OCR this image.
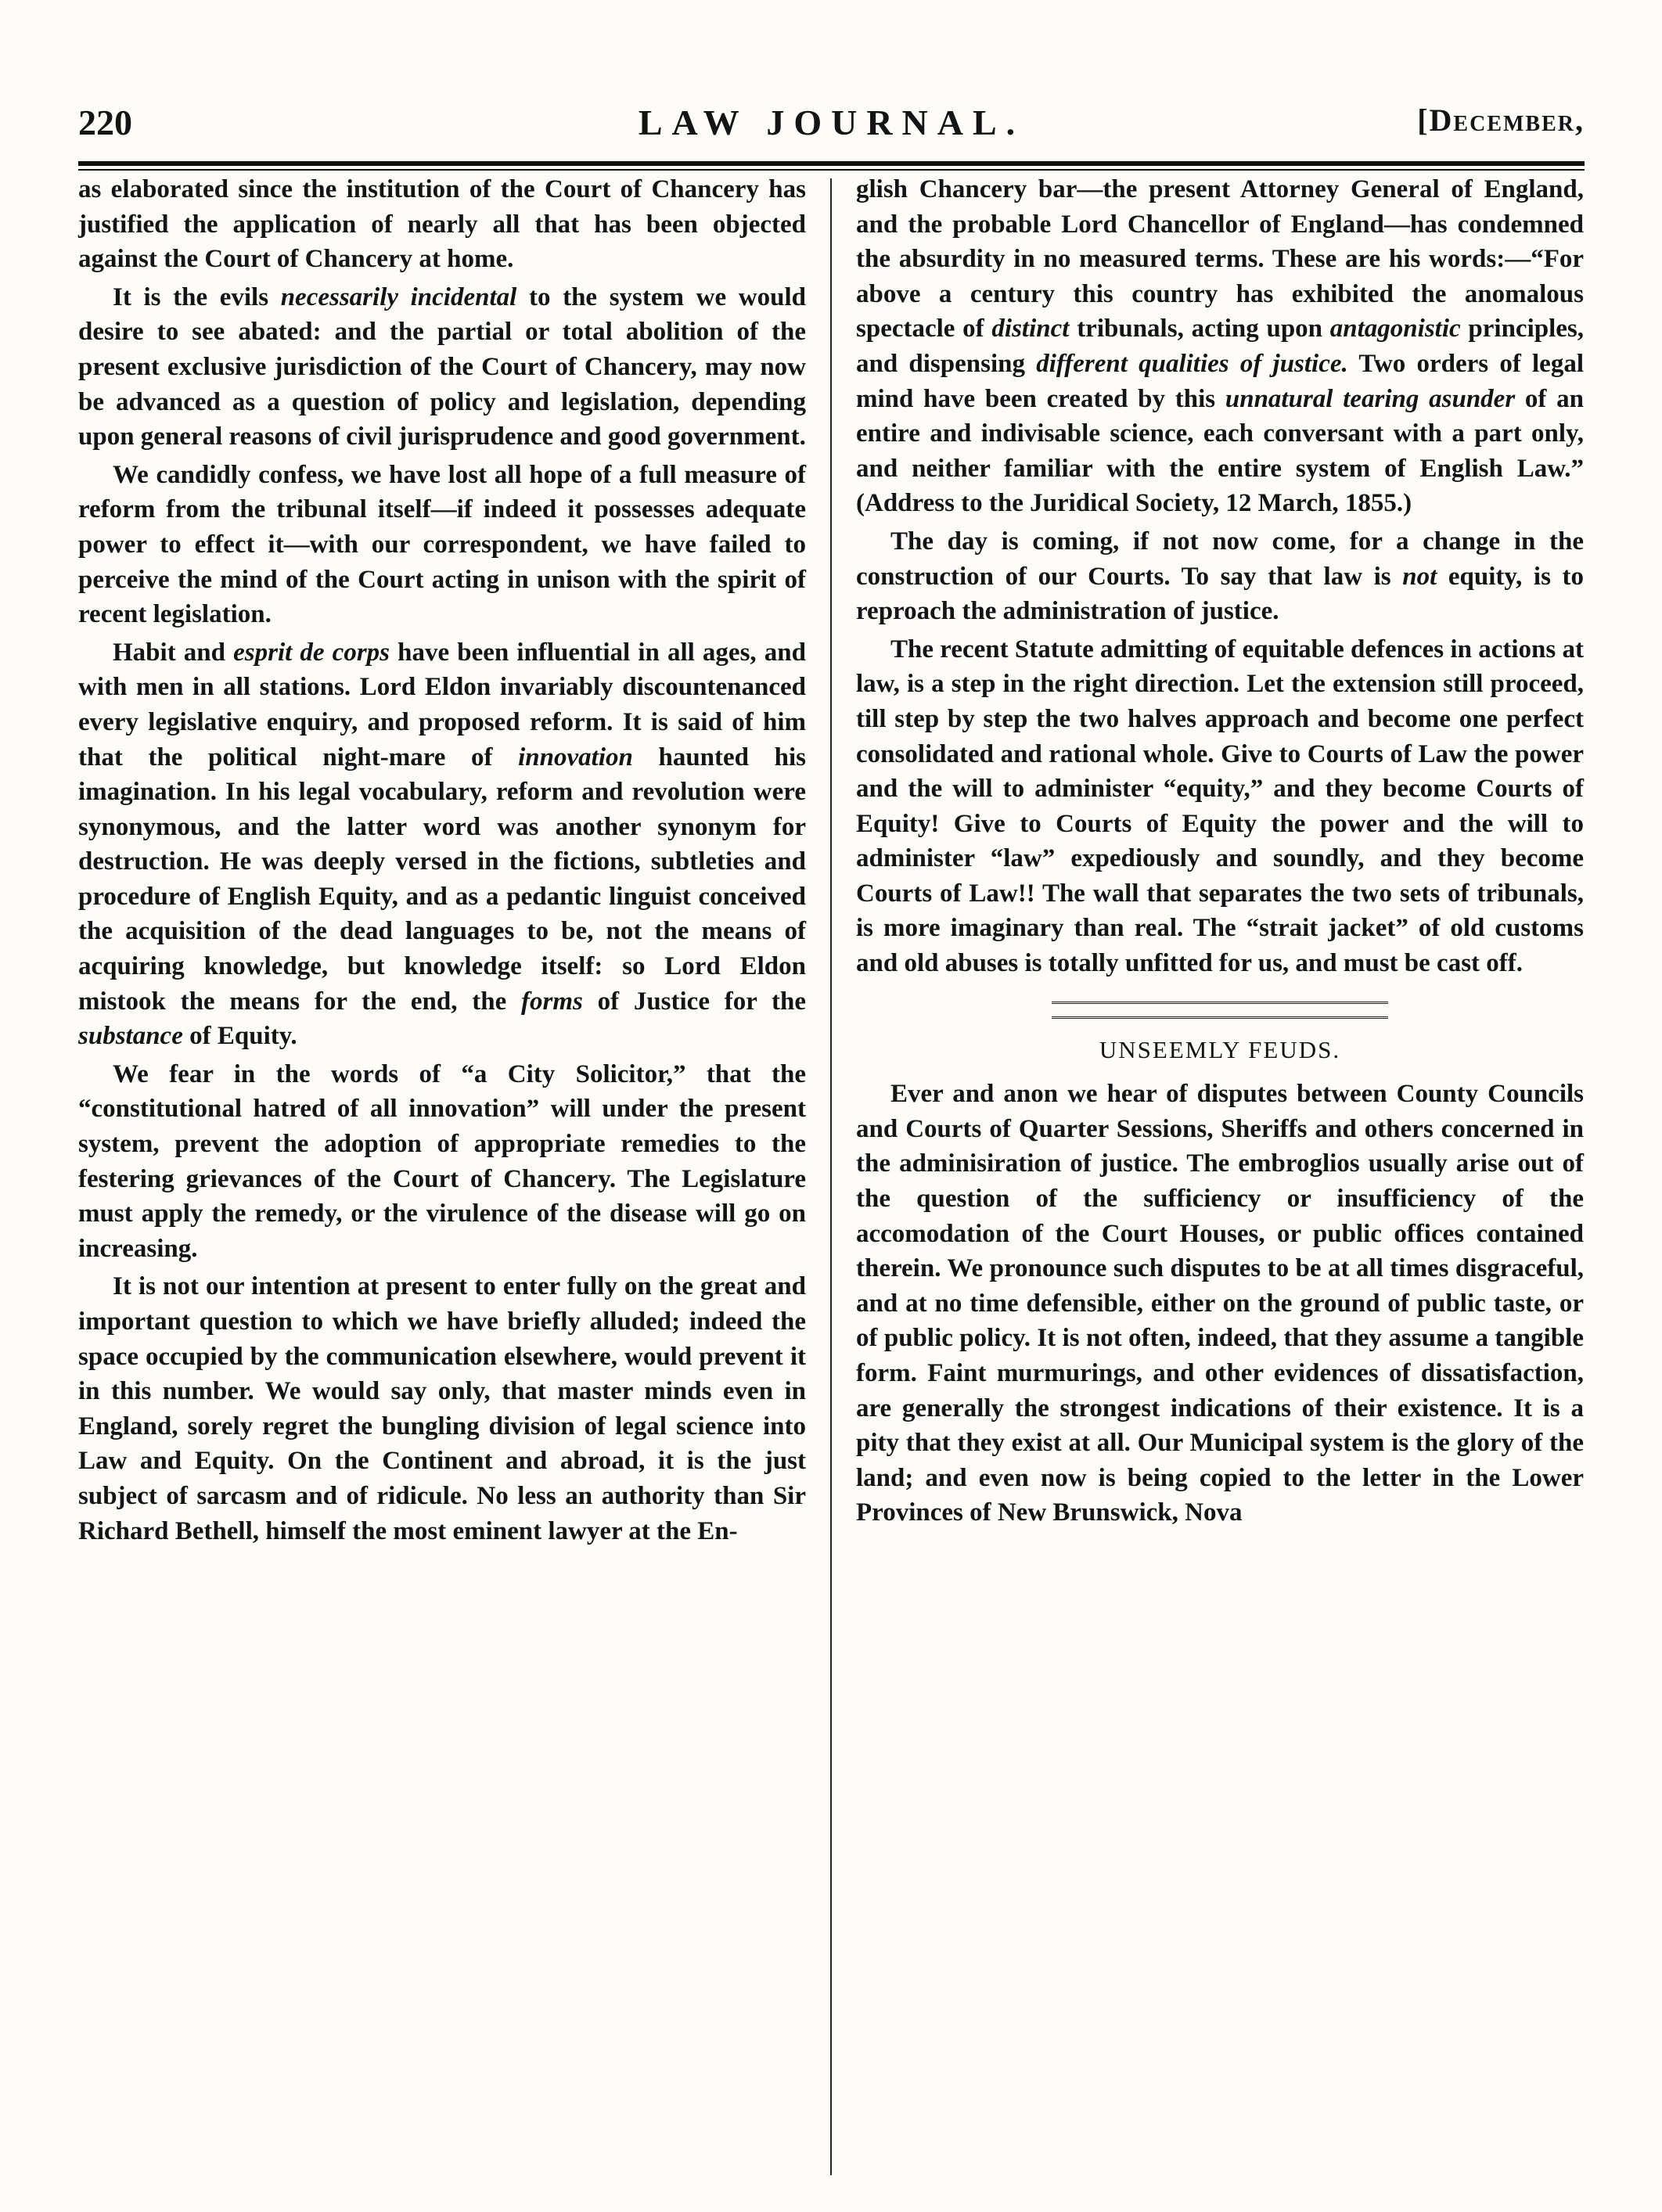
220	LAW JOURNAL.	[December,

as elaborated since the institution of the Court of Chancery has justified the application of nearly all that has been objected against the Court of Chancery at home.

It is the evils necessarily incidental to the system we would desire to see abated: and the partial or total abolition of the present exclusive jurisdiction of the Court of Chancery, may now be advanced as a question of policy and legislation, depending upon general reasons of civil jurisprudence and good government.

We candidly confess, we have lost all hope of a full measure of reform from the tribunal itself—if indeed it possesses adequate power to effect it—with our correspondent, we have failed to perceive the mind of the Court acting in unison with the spirit of recent legislation.

Habit and esprit de corps have been influential in all ages, and with men in all stations. Lord Eldon invariably discountenanced every legislative enquiry, and proposed reform. It is said of him that the political night-mare of innovation haunted his imagination. In his legal vocabulary, reform and revolution were synonymous, and the latter word was another synonym for destruction. He was deeply versed in the fictions, subtleties and procedure of English Equity, and as a pedantic linguist conceived the acquisition of the dead languages to be, not the means of acquiring knowledge, but knowledge itself: so Lord Eldon mistook the means for the end, the forms of Justice for the substance of Equity.

We fear in the words of “a City Solicitor,” that the “constitutional hatred of all innovation” will under the present system, prevent the adoption of appropriate remedies to the festering grievances of the Court of Chancery. The Legislature must apply the remedy, or the virulence of the disease will go on increasing.

It is not our intention at present to enter fully on the great and important question to which we have briefly alluded; indeed the space occupied by the communication elsewhere, would prevent it in this number. We would say only, that master minds even in England, sorely regret the bungling division of legal science into Law and Equity. On the Continent and abroad, it is the just subject of sarcasm and of ridicule. No less an authority than Sir Richard Bethell, himself the most eminent lawyer at the En-

glish Chancery bar—the present Attorney General of England, and the probable Lord Chancellor of England—has condemned the absurdity in no measured terms. These are his words:—“For above a century this country has exhibited the anomalous spectacle of distinct tribunals, acting upon antagonistic principles, and dispensing different qualities of justice. Two orders of legal mind have been created by this unnatural tearing asunder of an entire and indivisable science, each conversant with a part only, and neither familiar with the entire system of English Law.” (Address to the Juridical Society, 12 March, 1855.)

The day is coming, if not now come, for a change in the construction of our Courts. To say that law is not equity, is to reproach the administration of justice.

The recent Statute admitting of equitable defences in actions at law, is a step in the right direction. Let the extension still proceed, till step by step the two halves approach and become one perfect consolidated and rational whole. Give to Courts of Law the power and the will to administer “equity,” and they become Courts of Equity! Give to Courts of Equity the power and the will to administer “law” expediously and soundly, and they become Courts of Law!! The wall that separates the two sets of tribunals, is more imaginary than real. The “strait jacket” of old customs and old abuses is totally unfitted for us, and must be cast off.

UNSEEMLY FEUDS.

Ever and anon we hear of disputes between County Councils and Courts of Quarter Sessions, Sheriffs and others concerned in the adminisiration of justice. The embroglios usually arise out of the question of the sufficiency or insufficiency of the accomodation of the Court Houses, or public offices contained therein. We pronounce such disputes to be at all times disgraceful, and at no time defensible, either on the ground of public taste, or of public policy. It is not often, indeed, that they assume a tangible form. Faint murmurings, and other evidences of dissatisfaction, are generally the strongest indications of their existence. It is a pity that they exist at all. Our Municipal system is the glory of the land; and even now is being copied to the letter in the Lower Provinces of New Brunswick, Nova
